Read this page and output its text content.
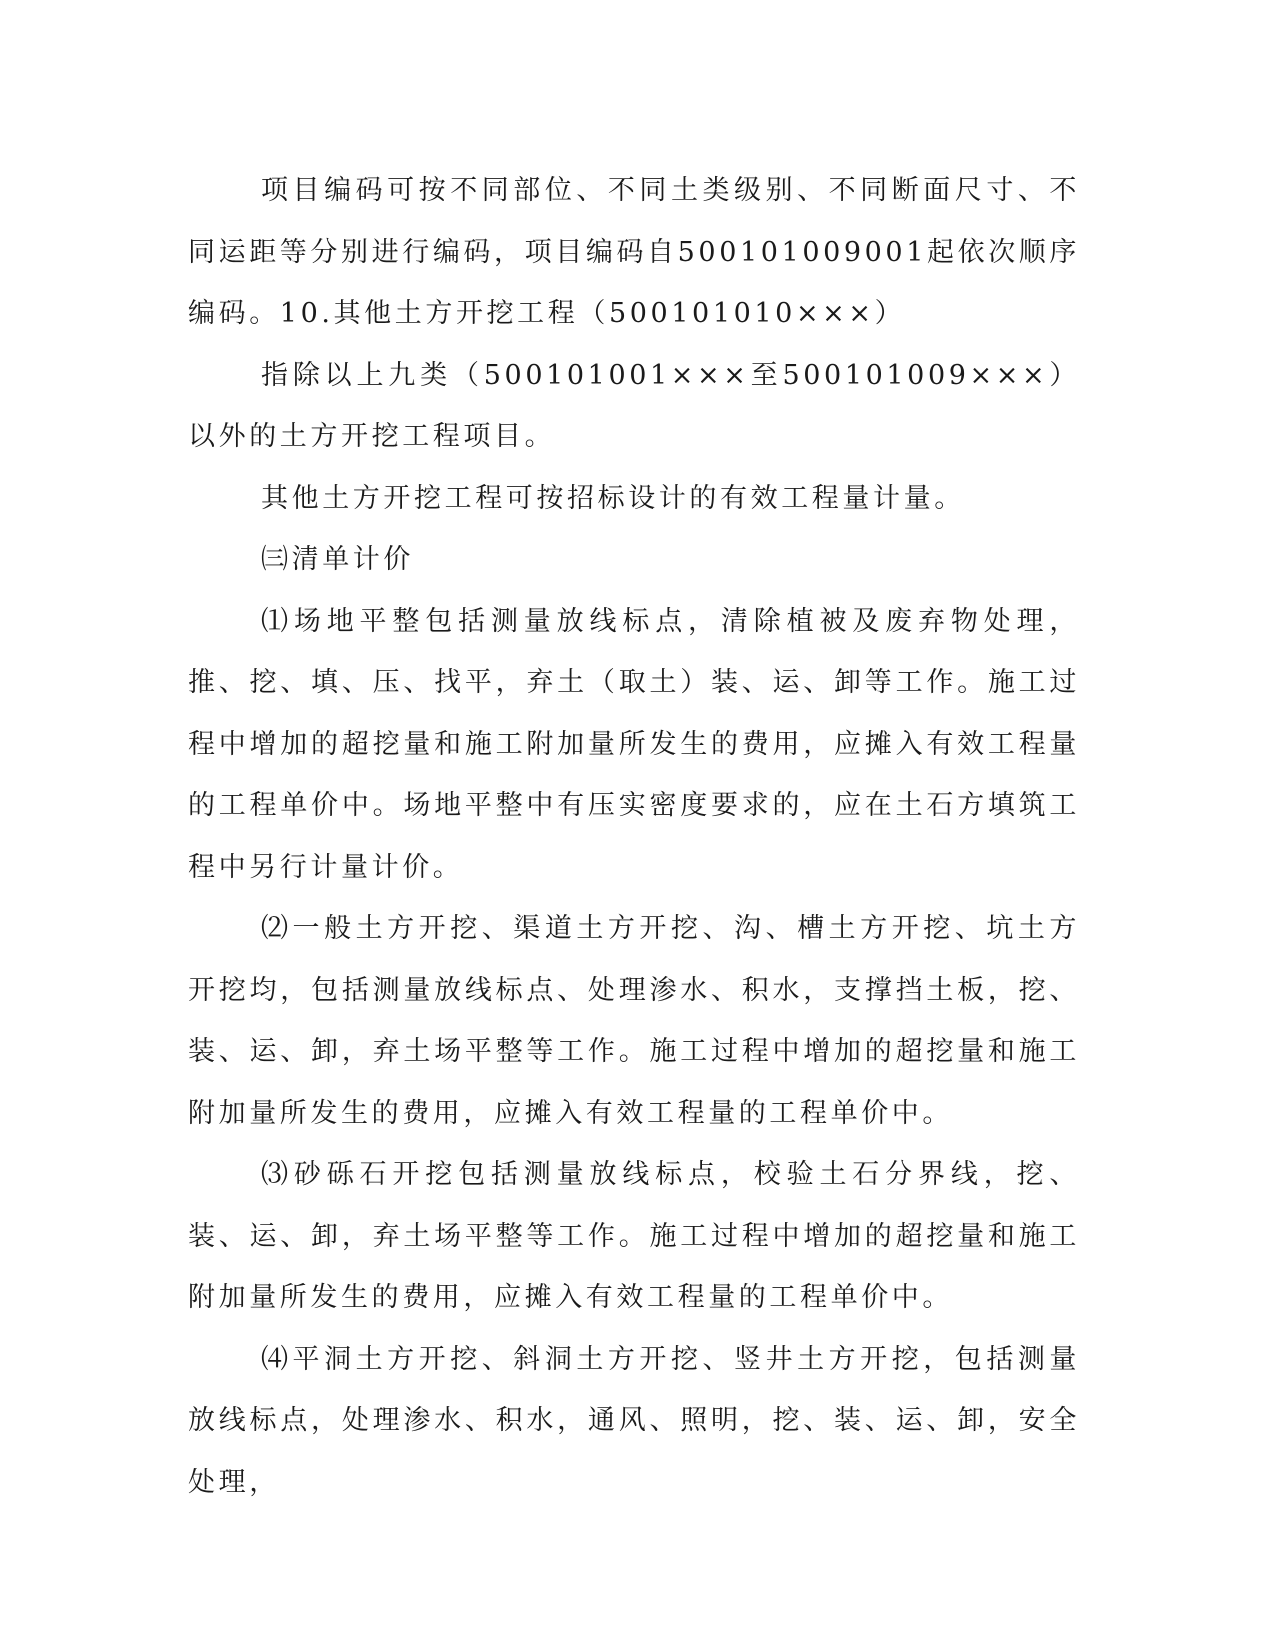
项目编码可按不同部位、不同土类级别、不同断面尺寸、不同运距等分别进行编码，项目编码自500101009001起依次顺序编码。10.其他土方开挖工程（500101010×××）

指除以上九类（500101001×××至500101009×××）以外的土方开挖工程项目。

其他土方开挖工程可按招标设计的有效工程量计量。

㈢清单计价

⑴场地平整包括测量放线标点，清除植被及废弃物处理，推、挖、填、压、找平，弃土（取土）装、运、卸等工作。施工过程中增加的超挖量和施工附加量所发生的费用，应摊入有效工程量的工程单价中。场地平整中有压实密度要求的，应在土石方填筑工程中另行计量计价。

⑵一般土方开挖、渠道土方开挖、沟、槽土方开挖、坑土方开挖均，包括测量放线标点、处理渗水、积水，支撑挡土板，挖、装、运、卸，弃土场平整等工作。施工过程中增加的超挖量和施工附加量所发生的费用，应摊入有效工程量的工程单价中。

⑶砂砾石开挖包括测量放线标点，校验土石分界线，挖、装、运、卸，弃土场平整等工作。施工过程中增加的超挖量和施工附加量所发生的费用，应摊入有效工程量的工程单价中。

⑷平洞土方开挖、斜洞土方开挖、竖井土方开挖，包括测量放线标点，处理渗水、积水，通风、照明，挖、装、运、卸，安全处理，
